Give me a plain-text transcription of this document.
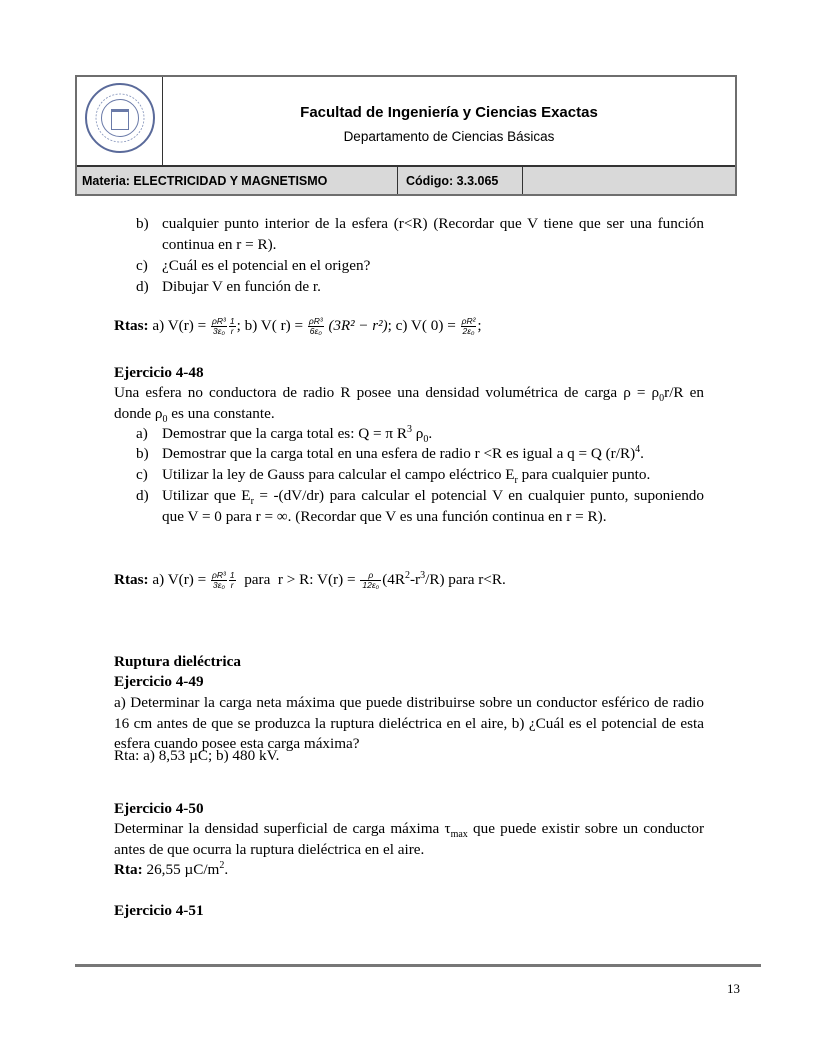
Facultad de Ingeniería y Ciencias Exactas
Departamento de Ciencias Básicas
Materia: ELECTRICIDAD Y MAGNETISMO	Código: 3.3.065
b) cualquier punto interior de la esfera (r<R) (Recordar que V tiene que ser una función continua en r = R).
c) ¿Cuál es el potencial en el origen?
d) Dibujar V en función de r.
Rtas: a) $V(r) = \frac{\text{ρR³}}{\text{3ε₀}} \frac{1}{r}$ ; b) V( $r) = \frac{\text{ρR³}}{\text{6ε₀}} (3R^2 - r^2)$; c) V( $0) = \frac{\text{ρR²}}{\text{2ε₀}}$ ;
Ejercicio 4-48
Una esfera no conductora de radio R posee una densidad volumétrica de carga $\rho = \rho_0r/R$ en donde $\rho_0$ es una constante.
a) Demostrar que la carga total es: Q = π $R^3$ $\rho_0$.
b) Demostrar que la carga total en una esfera de radio r <R es igual a q = Q $(r/R)^4$.
c) Utilizar la ley de Gauss para calcular el campo eléctrico $E_r$ para cualquier punto.
d) Utilizar que $E_r = -(dV/dr)$ para calcular el potencial V en cualquier punto, suponiendo que V = 0 para r = ∞. (Recordar que V es una función continua en r = R).
Rtas: a) $V(r) = \frac{\text{ρR³}}{\text{3ε₀}} \frac{1}{r}$ para  r > R: $V(r) = \frac{\rho}{\text{12ε₀}} (4R^2-r^3/R)$ para r<R.
Ruptura dieléctrica
Ejercicio 4-49
a) Determinar la carga neta máxima que puede distribuirse sobre un conductor esférico de radio 16 cm antes de que se produzca la ruptura dieléctrica en el aire, b) ¿Cuál es el potencial de esta esfera cuando posee esta carga máxima?
Rta: a) 8,53 µC; b) 480 kV.
Ejercicio 4-50
Determinar la densidad superficial de carga máxima $\tau_{max}$ que puede existir sobre un conductor antes de que ocurra la ruptura dieléctrica en el aire.
Rta: 26,55 $\mu C/m^2$.
Ejercicio 4-51
13
